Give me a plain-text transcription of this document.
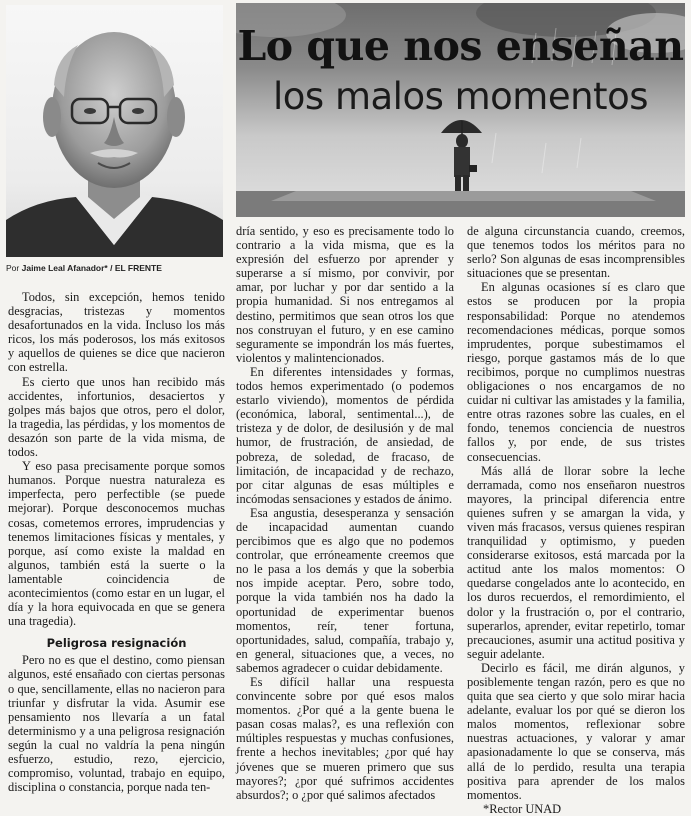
Por Jaime Leal Afanador* / EL FRENTE
Lo que nos enseñan
los malos momentos

Todos, sin excepción, hemos tenido desgracias, tristezas y momentos desafortunados en la vida. Incluso los más ricos, los más poderosos, los más exitosos y aquellos de quienes se dice que nacieron con estrella.

Es cierto que unos han recibido más accidentes, infortunios, desaciertos y golpes más bajos que otros, pero el dolor, la tragedia, las pérdidas, y los momentos de desazón son parte de la vida misma, de todos.

Y eso pasa precisamente porque somos humanos. Porque nuestra naturaleza es imperfecta, pero perfectible (se puede mejorar). Porque desconocemos muchas cosas, cometemos errores, imprudencias y tenemos limitaciones físicas y mentales, y porque, así como existe la maldad en algunos, también está la suerte o la lamentable coincidencia de acontecimientos (como estar en un lugar, el día y la hora equivocada en que se genera una tragedia).

Peligrosa resignación

Pero no es que el destino, como piensan algunos, esté ensañado con ciertas personas o que, sencillamente, ellas no nacieron para triunfar y disfrutar la vida. Asumir ese pensamiento nos llevaría a un fatal determinismo y a una peligrosa resignación según la cual no valdría la pena ningún esfuerzo, estudio, rezo, ejercicio, compromiso, voluntad, trabajo en equipo, disciplina o constancia, porque nada ten-

dría sentido, y eso es precisamente todo lo contrario a la vida misma, que es la expresión del esfuerzo por aprender y superarse a sí mismo, por convivir, por amar, por luchar y por dar sentido a la propia humanidad. Si nos entregamos al destino, permitimos que sean otros los que nos construyan el futuro, y en ese camino seguramente se impondrán los más fuertes, violentos y malintencionados.

En diferentes intensidades y formas, todos hemos experimentado (o podemos estarlo viviendo), momentos de pérdida (económica, laboral, sentimental...), de tristeza y de dolor, de desilusión y de mal humor, de frustración, de ansiedad, de pobreza, de soledad, de fracaso, de limitación, de incapacidad y de rechazo, por citar algunas de esas múltiples e incómodas sensaciones y estados de ánimo.

Esa angustia, desesperanza y sensación de incapacidad aumentan cuando percibimos que es algo que no podemos controlar, que erróneamente creemos que no le pasa a los demás y que la soberbia nos impide aceptar. Pero, sobre todo, porque la vida también nos ha dado la oportunidad de experimentar buenos momentos, reír, tener fortuna, oportunidades, salud, compañía, trabajo y, en general, situaciones que, a veces, no sabemos agradecer o cuidar debidamente.

Es difícil hallar una respuesta convincente sobre por qué esos malos momentos. ¿Por qué a la gente buena le pasan cosas malas?, es una reflexión con múltiples respuestas y muchas confusiones, frente a hechos inevitables; ¿por qué hay jóvenes que se mueren primero que sus mayores?; ¿por qué sufrimos accidentes absurdos?; o ¿por qué salimos afectados

de alguna circunstancia cuando, creemos, que tenemos todos los méritos para no serlo? Son algunas de esas incomprensibles situaciones que se presentan.

En algunas ocasiones sí es claro que estos se producen por la propia responsabilidad: Porque no atendemos recomendaciones médicas, porque somos imprudentes, porque subestimamos el riesgo, porque gastamos más de lo que recibimos, porque no cumplimos nuestras obligaciones o nos encargamos de no cuidar ni cultivar las amistades y la familia, entre otras razones sobre las cuales, en el fondo, tenemos conciencia de nuestros fallos y, por ende, de sus tristes consecuencias.

Más allá de llorar sobre la leche derramada, como nos enseñaron nuestros mayores, la principal diferencia entre quienes sufren y se amargan la vida, y viven más fracasos, versus quienes respiran tranquilidad y optimismo, y pueden considerarse exitosos, está marcada por la actitud ante los malos momentos: O quedarse congelados ante lo acontecido, en los duros recuerdos, el remordimiento, el dolor y la frustración o, por el contrario, superarlos, aprender, evitar repetirlo, tomar precauciones, asumir una actitud positiva y seguir adelante.

Decirlo es fácil, me dirán algunos, y posiblemente tengan razón, pero es que no quita que sea cierto y que solo mirar hacia adelante, evaluar los por qué se dieron los malos momentos, reflexionar sobre nuestras actuaciones, y valorar y amar apasionadamente lo que se conserva, más allá de lo perdido, resulta una terapia positiva para aprender de los malos momentos.

*Rector UNAD
